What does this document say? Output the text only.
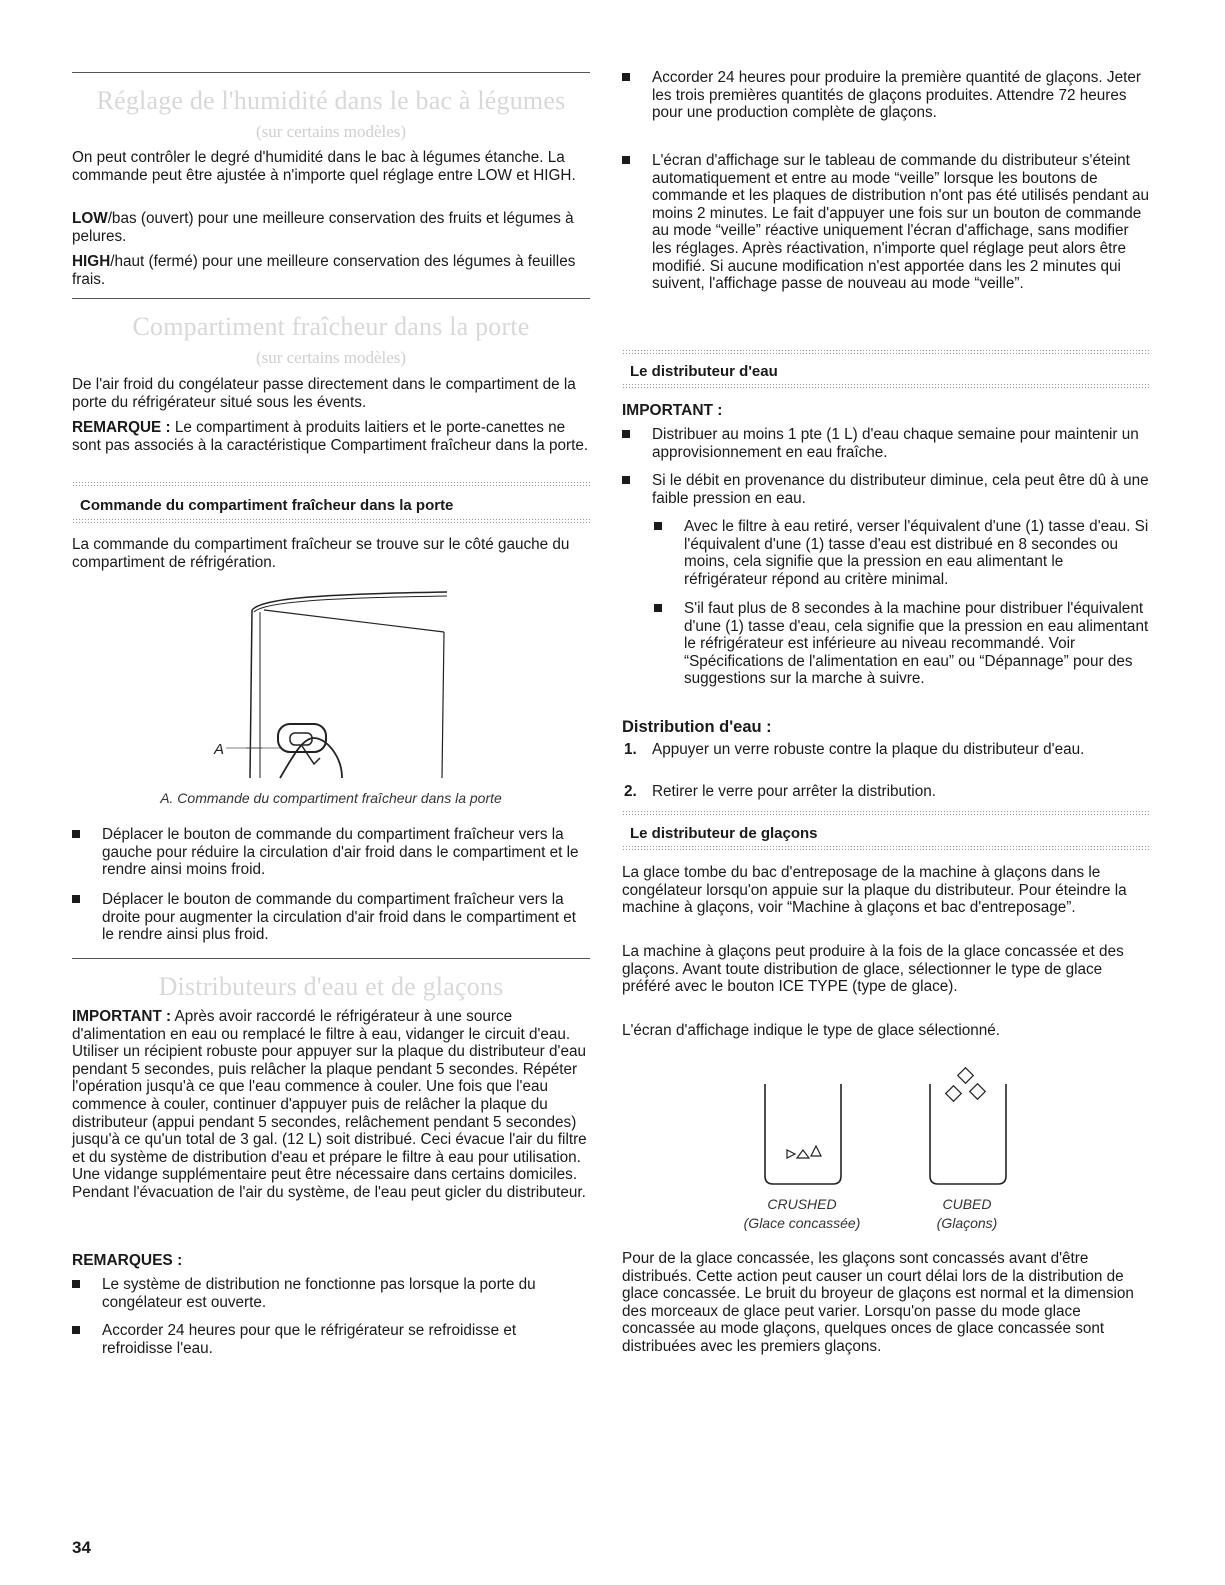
Réglage de l'humidité dans le bac à légumes
(sur certains modèles)

On peut contrôler le degré d'humidité dans le bac à légumes étanche. La commande peut être ajustée à n'importe quel réglage entre LOW et HIGH.

LOW/bas (ouvert) pour une meilleure conservation des fruits et légumes à pelures.

HIGH/haut (fermé) pour une meilleure conservation des légumes à feuilles frais.

Compartiment fraîcheur dans la porte
(sur certains modèles)

De l'air froid du congélateur passe directement dans le compartiment de la porte du réfrigérateur situé sous les évents.

REMARQUE : Le compartiment à produits laitiers et le porte-canettes ne sont pas associés à la caractéristique Compartiment fraîcheur dans la porte.

Commande du compartiment fraîcheur dans la porte

La commande du compartiment fraîcheur se trouve sur le côté gauche du compartiment de réfrigération.

A
A. Commande du compartiment fraîcheur dans la porte

Déplacer le bouton de commande du compartiment fraîcheur vers la gauche pour réduire la circulation d'air froid dans le compartiment et le rendre ainsi moins froid.

Déplacer le bouton de commande du compartiment fraîcheur vers la droite pour augmenter la circulation d'air froid dans le compartiment et le rendre ainsi plus froid.

Distributeurs d'eau et de glaçons

IMPORTANT : Après avoir raccordé le réfrigérateur à une source d'alimentation en eau ou remplacé le filtre à eau, vidanger le circuit d'eau. Utiliser un récipient robuste pour appuyer sur la plaque du distributeur d'eau pendant 5 secondes, puis relâcher la plaque pendant 5 secondes. Répéter l'opération jusqu'à ce que l'eau commence à couler. Une fois que l'eau commence à couler, continuer d'appuyer puis de relâcher la plaque du distributeur (appui pendant 5 secondes, relâchement pendant 5 secondes) jusqu'à ce qu'un total de 3 gal. (12 L) soit distribué. Ceci évacue l'air du filtre et du système de distribution d'eau et prépare le filtre à eau pour utilisation. Une vidange supplémentaire peut être nécessaire dans certains domiciles. Pendant l'évacuation de l'air du système, de l'eau peut gicler du distributeur.

REMARQUES :

Le système de distribution ne fonctionne pas lorsque la porte du congélateur est ouverte.

Accorder 24 heures pour que le réfrigérateur se refroidisse et refroidisse l'eau.

Accorder 24 heures pour produire la première quantité de glaçons. Jeter les trois premières quantités de glaçons produites. Attendre 72 heures pour une production complète de glaçons.

L'écran d'affichage sur le tableau de commande du distributeur s'éteint automatiquement et entre au mode “veille” lorsque les boutons de commande et les plaques de distribution n'ont pas été utilisés pendant au moins 2 minutes. Le fait d'appuyer une fois sur un bouton de commande au mode “veille” réactive uniquement l'écran d'affichage, sans modifier les réglages. Après réactivation, n'importe quel réglage peut alors être modifié. Si aucune modification n'est apportée dans les 2 minutes qui suivent, l'affichage passe de nouveau au mode “veille”.

Le distributeur d'eau
IMPORTANT :

Distribuer au moins 1 pte (1 L) d'eau chaque semaine pour maintenir un approvisionnement en eau fraîche.

Si le débit en provenance du distributeur diminue, cela peut être dû à une faible pression en eau.

Avec le filtre à eau retiré, verser l'équivalent d'une (1) tasse d'eau. Si l'équivalent d'une (1) tasse d'eau est distribué en 8 secondes ou moins, cela signifie que la pression en eau alimentant le réfrigérateur répond au critère minimal.

S'il faut plus de 8 secondes à la machine pour distribuer l'équivalent d'une (1) tasse d'eau, cela signifie que la pression en eau alimentant le réfrigérateur est inférieure au niveau recommandé. Voir “Spécifications de l'alimentation en eau” ou “Dépannage” pour des suggestions sur la marche à suivre.

Distribution d'eau :
1. Appuyer un verre robuste contre la plaque du distributeur d'eau.

2. Retirer le verre pour arrêter la distribution.

Le distributeur de glaçons

La glace tombe du bac d'entreposage de la machine à glaçons dans le congélateur lorsqu'on appuie sur la plaque du distributeur. Pour éteindre la machine à glaçons, voir “Machine à glaçons et bac d'entreposage”.

La machine à glaçons peut produire à la fois de la glace concassée et des glaçons. Avant toute distribution de glace, sélectionner le type de glace préféré avec le bouton ICE TYPE (type de glace).

L'écran d'affichage indique le type de glace sélectionné.

CRUSHED
(Glace concassée)
CUBED
(Glaçons)

Pour de la glace concassée, les glaçons sont concassés avant d'être distribués. Cette action peut causer un court délai lors de la distribution de glace concassée. Le bruit du broyeur de glaçons est normal et la dimension des morceaux de glace peut varier. Lorsqu'on passe du mode glace concassée au mode glaçons, quelques onces de glace concassée sont distribuées avec les premiers glaçons.

34
